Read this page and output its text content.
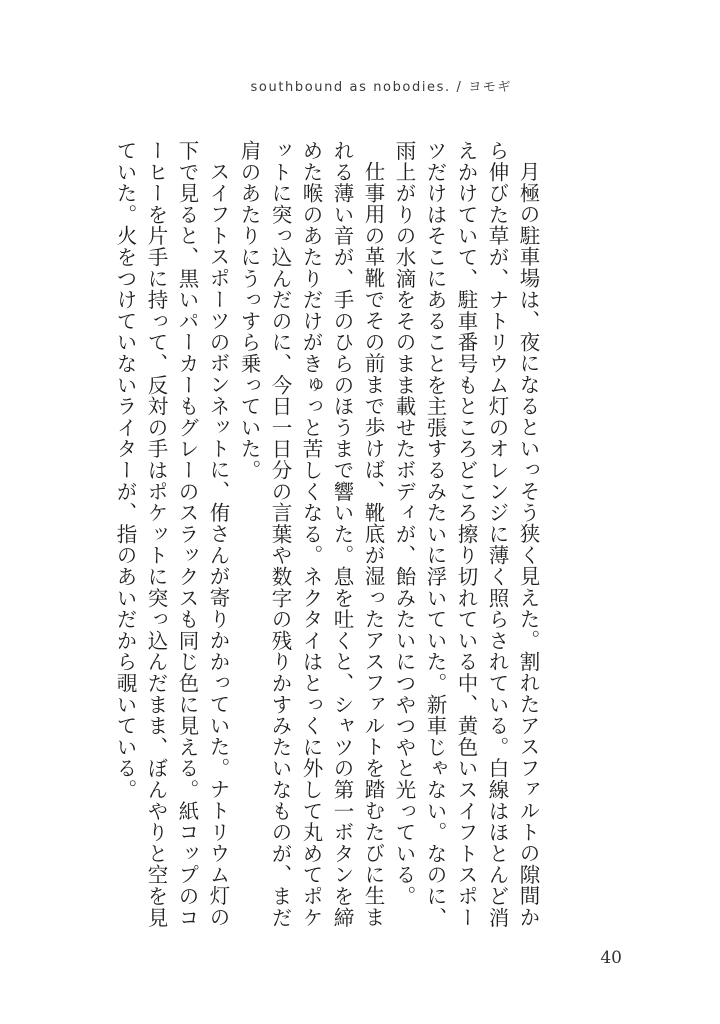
southbound as nobodies. / ヨモギ

月極の駐車場は、夜になるといっそう狭く見えた。割れたアスファルトの隙間から伸びた草が、ナトリウム灯のオレンジに薄く照らされている。白線はほとんど消えかけていて、駐車番号もところどころ擦り切れている中、黄色いスイフトスポーツだけはそこにあることを主張するみたいに浮いていた。新車じゃない。なのに、雨上がりの水滴をそのまま載せたボディが、飴みたいにつやつやと光っている。

仕事用の革靴でその前まで歩けば、靴底が湿ったアスファルトを踏むたびに生まれる薄い音が、手のひらのほうまで響いた。息を吐くと、シャツの第一ボタンを締めた喉のあたりだけがきゅっと苦しくなる。ネクタイはとっくに外して丸めてポケットに突っ込んだのに、今日一日分の言葉や数字の残りかすみたいなものが、まだ肩のあたりにうっすら乗っていた。

スイフトスポーツのボンネットに、侑さんが寄りかかっていた。ナトリウム灯の下で見ると、黒いパーカーもグレーのスラックスも同じ色に見える。紙コップのコーヒーを片手に持って、反対の手はポケットに突っ込んだまま、ぼんやりと空を見ていた。火をつけていないライターが、指のあいだから覗いている。

40
